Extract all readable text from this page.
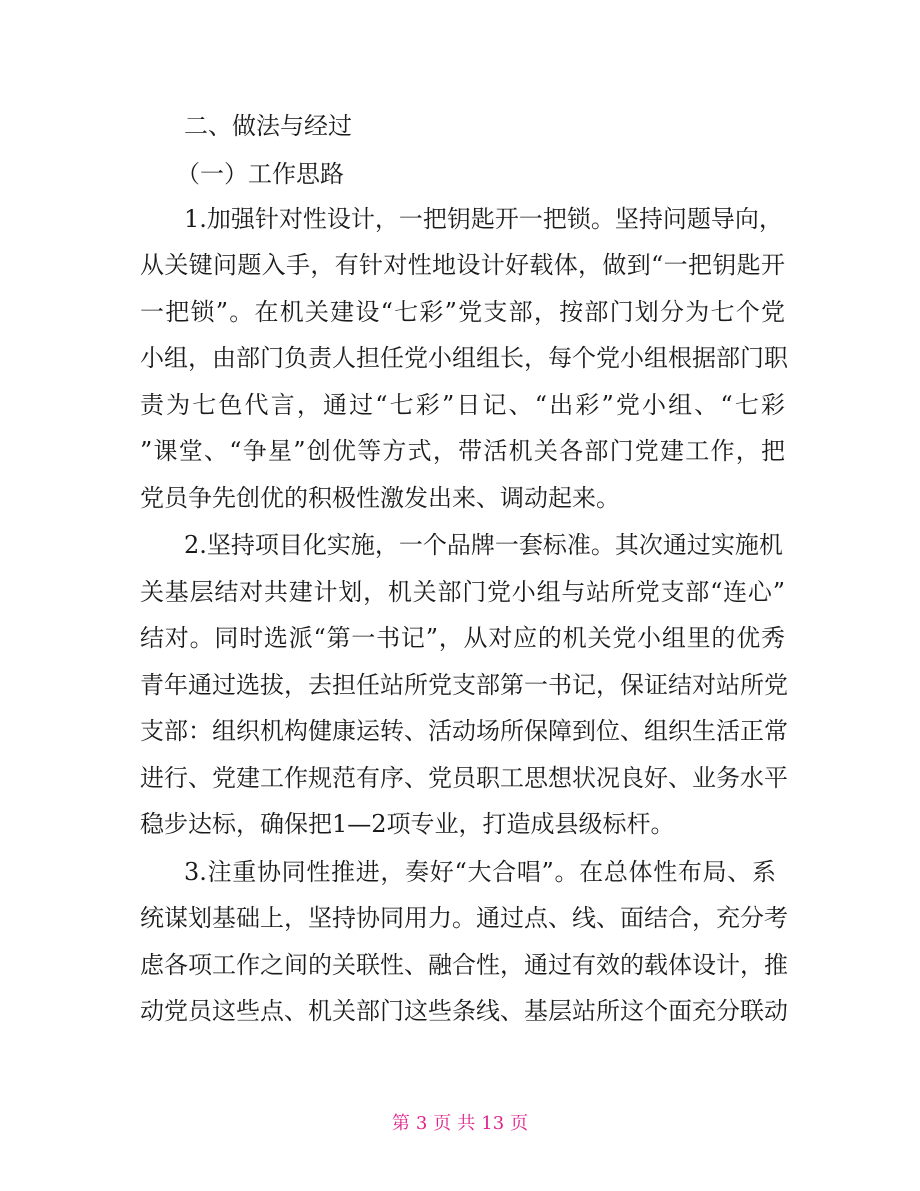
二、做法与经过
（一）工作思路
1.加强针对性设计，一把钥匙开一把锁。坚持问题导向，
从关键问题入手，有针对性地设计好载体，做到“一把钥匙开
一把锁”。在机关建设“七彩”党支部，按部门划分为七个党
小组，由部门负责人担任党小组组长，每个党小组根据部门职
责为七色代言，通过“七彩”日记、“出彩”党小组、“七彩
”课堂、“争星”创优等方式，带活机关各部门党建工作，把
党员争先创优的积极性激发出来、调动起来。
2.坚持项目化实施，一个品牌一套标准。其次通过实施机
关基层结对共建计划，机关部门党小组与站所党支部“连心”
结对。同时选派“第一书记”，从对应的机关党小组里的优秀
青年通过选拔，去担任站所党支部第一书记，保证结对站所党
支部：组织机构健康运转、活动场所保障到位、组织生活正常
进行、党建工作规范有序、党员职工思想状况良好、业务水平
稳步达标，确保把1—2项专业，打造成县级标杆。
3.注重协同性推进，奏好“大合唱”。在总体性布局、系
统谋划基础上，坚持协同用力。通过点、线、面结合，充分考
虑各项工作之间的关联性、融合性，通过有效的载体设计，推
动党员这些点、机关部门这些条线、基层站所这个面充分联动
第 3 页 共 13 页
